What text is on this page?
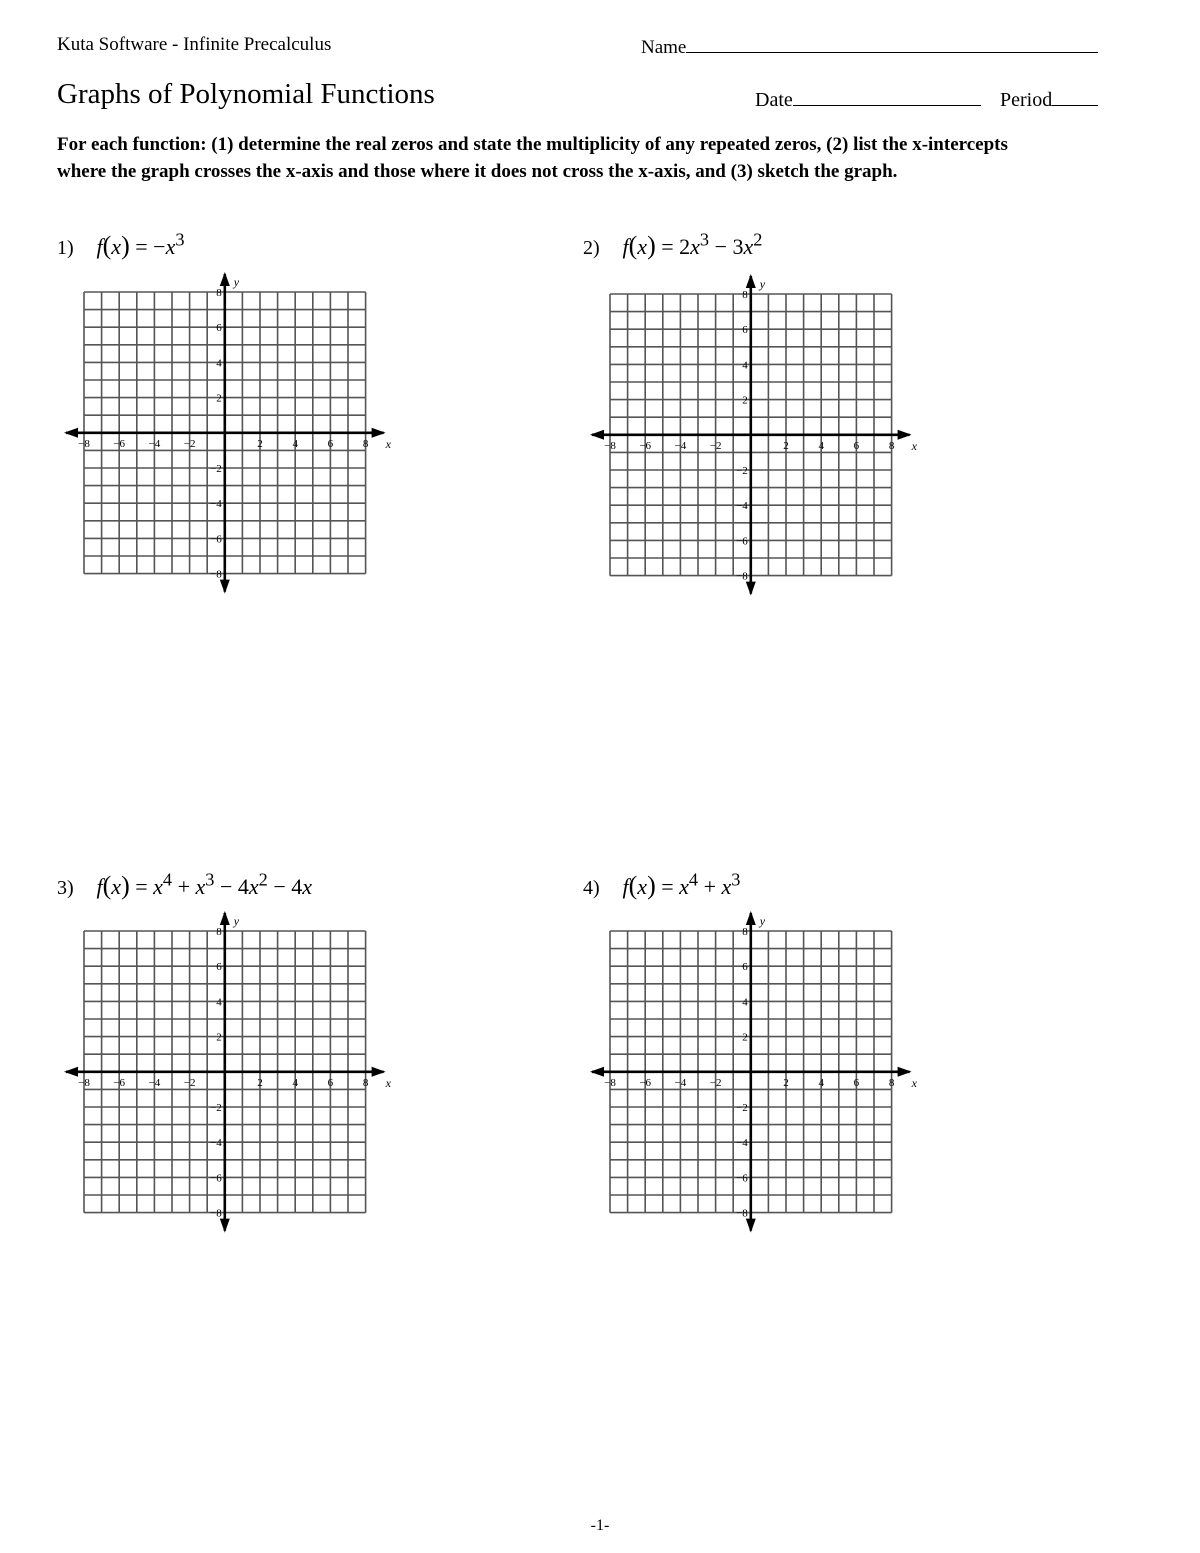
Kuta Software - Infinite Precalculus	Name
Graphs of Polynomial Functions	Date	Period

For each function: (1) determine the real zeros and state the multiplicity of any repeated zeros, (2) list the x-intercepts where the graph crosses the x-axis and those where it does not cross the x-axis, and (3) sketch the graph.

1) $f(x) = -x^3$
−8 −6 −4 −2	2	4	6	8
8
6
4
2
−2
−4
−6
−8
x
y
2) $f(x) = 2x^3 - 3x^2$
−8 −6 −4 −2	2	4	6	8
8
6
4
2
−2
−4
−6
−8
x
y
3) $f(x) = x^4 + x^3 - 4x^2 - 4x$
−8 −6 −4 −2	2	4	6	8
8
6
4
2
−2
−4
−6
−8
x
y
4) $f(x) = x^4 + x^3$
−8 −6 −4 −2	2	4	6	8
8
6
4
2
−2
−4
−6
−8
x
y
-1-
